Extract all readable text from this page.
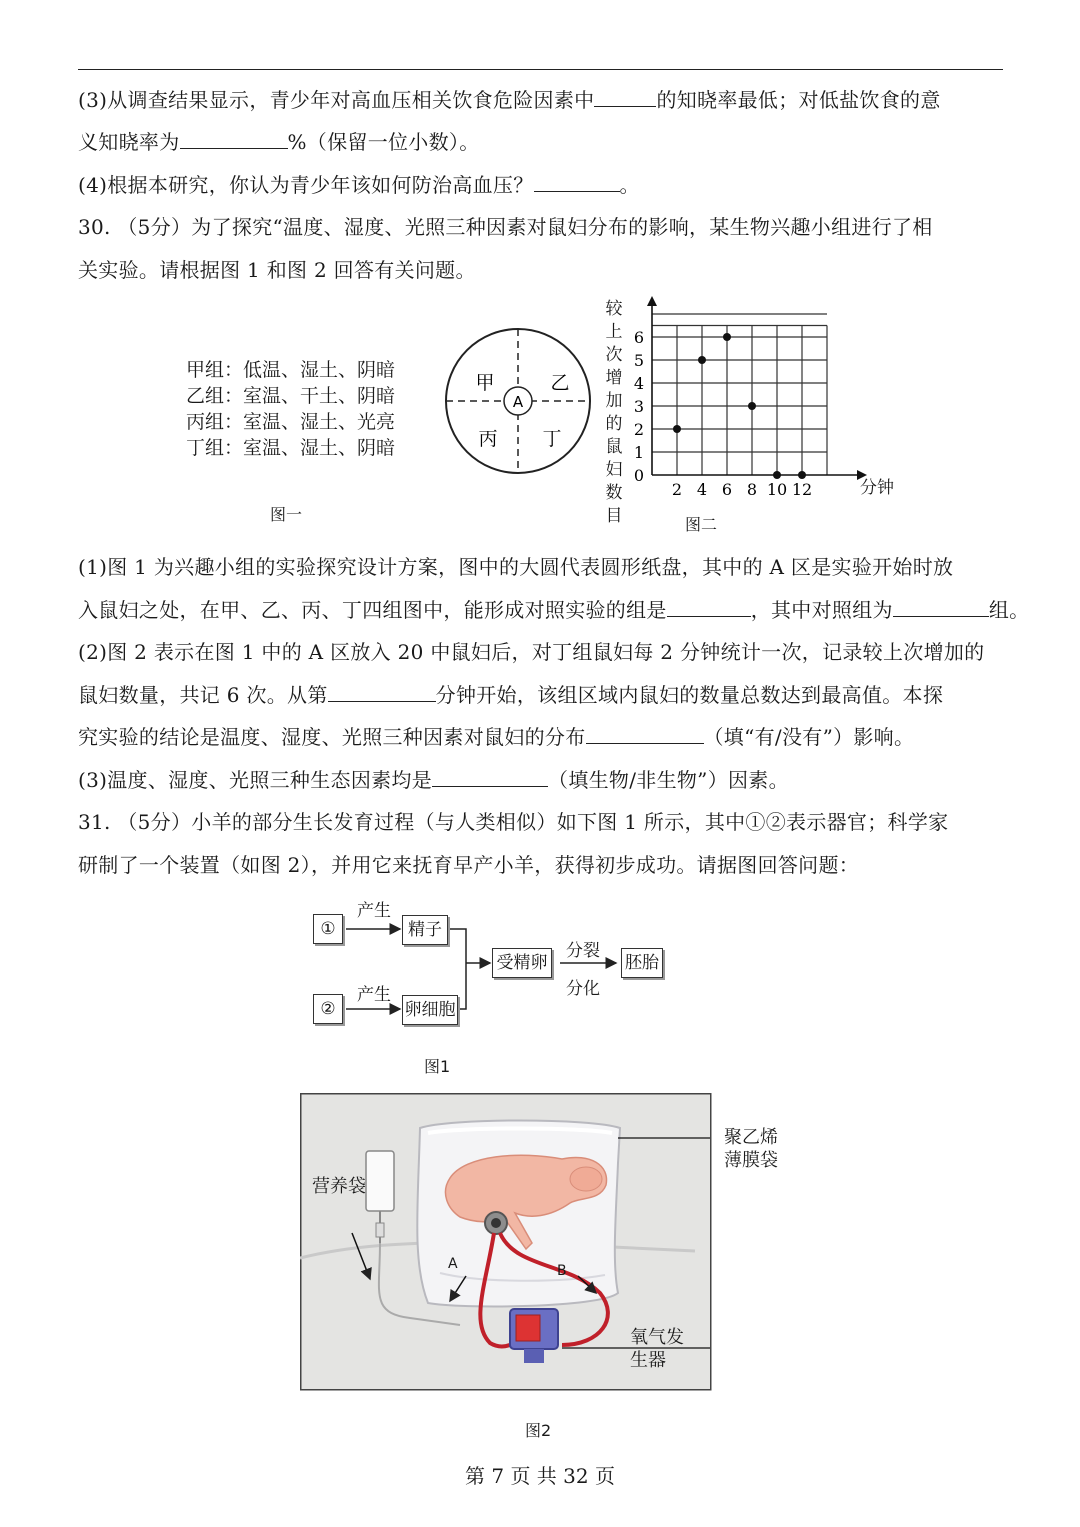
(3)从调查结果显示，青少年对高血压相关饮食危险因素中	的知晓率最低；对低盐饮食的意
义知晓率为	%（保留一位小数）。
(4)根据本研究，你认为青少年该如何防治高血压？	。
30. （5分）为了探究“温度、湿度、光照三种因素对鼠妇分布的影响，某生物兴趣小组进行了相
关实验。请根据图 1 和图 2 回答有关问题。
甲组：低温、湿土、阴暗
乙组：室温、干土、阴暗
丙组：室温、湿土、光亮
丁组：室温、湿土、阴暗
A
甲	乙
丙 丁
图一
较上次增加的鼠妇数目
0
1
2
3
4
5
6
2 4 6 8 10 12	分钟
图二
(1)图 1 为兴趣小组的实验探究设计方案，图中的大圆代表圆形纸盘，其中的 A 区是实验开始时放
入鼠妇之处，在甲、乙、丙、丁四组图中，能形成对照实验的组是	，其中对照组为	组。
(2)图 2 表示在图 1 中的 A 区放入 20 中鼠妇后，对丁组鼠妇每 2 分钟统计一次，记录较上次增加的
鼠妇数量，共记 6 次。从第	分钟开始，该组区域内鼠妇的数量总数达到最高值。本探
究实验的结论是温度、湿度、光照三种因素对鼠妇的分布	（填“有/没有”）影响。
(3)温度、湿度、光照三种生态因素均是	（填生物/非生物”）因素。
31. （5分）小羊的部分生长发育过程（与人类相似）如下图 1 所示，其中①②表示器官；科学家
研制了一个装置（如图 2），并用它来抚育早产小羊，获得初步成功。请据图回答问题：
①
②
产生
产生
精子
卵细胞
受精卵
分裂
分化
胚胎
图1
营养袋
聚乙烯
薄膜袋
A	B
氧气发
生器
图2
第 7 页 共 32 页
